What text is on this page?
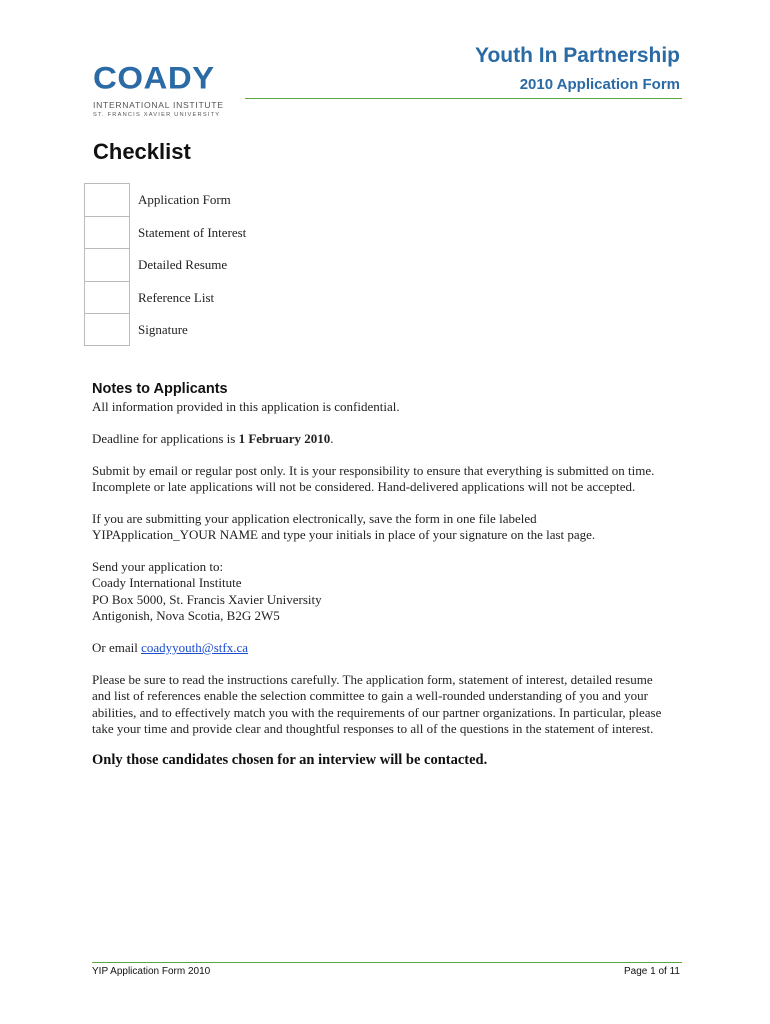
COADY
INTERNATIONAL INSTITUTE
ST. FRANCIS XAVIER UNIVERSITY
Youth In Partnership
2010 Application Form
Checklist
Application Form
Statement of Interest
Detailed Resume
Reference List
Signature
Notes to Applicants
All information provided in this application is confidential.
Deadline for applications is 1 February 2010.
Submit by email or regular post only. It is your responsibility to ensure that everything is submitted on time.
Incomplete or late applications will not be considered. Hand-delivered applications will not be accepted.
If you are submitting your application electronically, save the form in one file labeled
YIPApplication_YOUR NAME and type your initials in place of your signature on the last page.
Send your application to:
Coady International Institute
PO Box 5000, St. Francis Xavier University
Antigonish, Nova Scotia, B2G 2W5
Or email coadyyouth@stfx.ca
Please be sure to read the instructions carefully. The application form, statement of interest, detailed resume
and list of references enable the selection committee to gain a well-rounded understanding of you and your
abilities, and to effectively match you with the requirements of our partner organizations. In particular, please
take your time and provide clear and thoughtful responses to all of the questions in the statement of interest.
Only those candidates chosen for an interview will be contacted.
YIP Application Form 2010	Page 1 of 11
